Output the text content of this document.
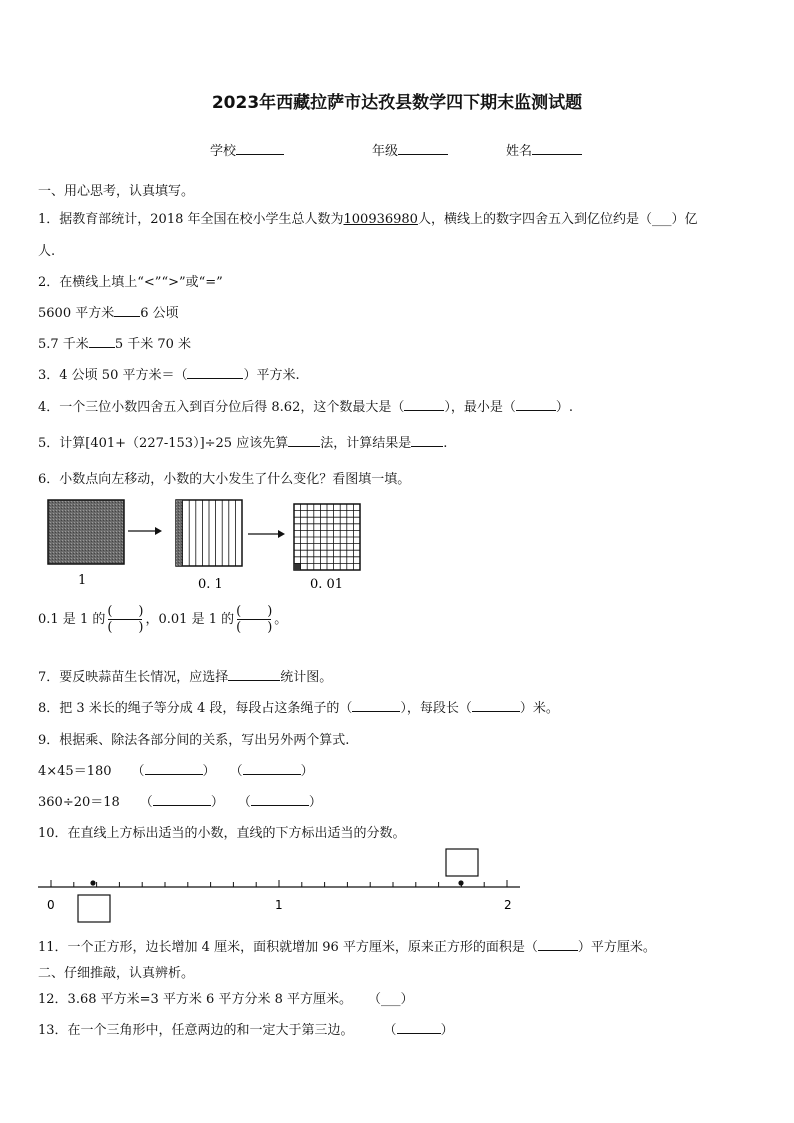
2023年西藏拉萨市达孜县数学四下期末监测试题
学校	年级	姓名
一、用心思考，认真填写。
1．据教育部统计，2018 年全国在校小学生总人数为100936980人，横线上的数字四舍五入到亿位约是（___）亿
人.
2．在横线上填上“<”“>”或“=”
5600 平方米 6 公顷
5.7 千米 5 千米 70 米
3．4 公顷 50 平方米＝（	）平方米.
4．一个三位小数四舍五入到百分位后得 8.62，这个数最大是（	），最小是（	）.
5．计算[401+（227-153）]÷25 应该先算 法，计算结果是 .
6．小数点向左移动，小数的大小发生了什么变化？看图填一填。
1	0. 1	0. 01
0.1 是 1 的 $\frac{( )}{( )}$ ，0.01 是 1 的 $\frac{( )}{( )}$ 。
7．要反映蒜苗生长情况，应选择	统计图。
8．把 3 米长的绳子等分成 4 段，每段占这条绳子的（	），每段长（	）米。
9．根据乘、除法各部分间的关系，写出另外两个算式.
4×45＝180 （	） （	）
360÷20＝18 （	） （	）
10．在直线上方标出适当的小数，直线的下方标出适当的分数。
0	1	2
11．一个正方形，边长增加 4 厘米，面积就增加 96 平方厘米，原来正方形的面积是（	）平方厘米。
二、仔细推敲，认真辨析。
12．3.68 平方米=3 平方米 6 平方分米 8 平方厘米。 （___）
13．在一个三角形中，任意两边的和一定大于第三边。 （	）
